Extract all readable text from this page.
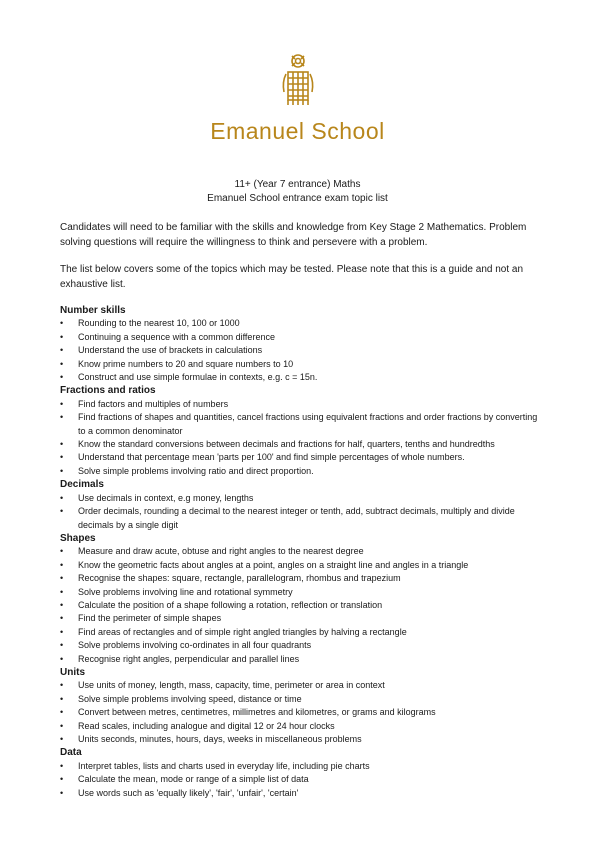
Emanuel School
11+ (Year 7 entrance) Maths
Emanuel School entrance exam topic list

Candidates will need to be familiar with the skills and knowledge from Key Stage 2 Mathematics. Problem solving questions will require the willingness to think and persevere with a problem.

The list below covers some of the topics which may be tested. Please note that this is a guide and not an exhaustive list.

Number skills
• Rounding to the nearest 10, 100 or 1000
• Continuing a sequence with a common difference
• Understand the use of brackets in calculations
• Know prime numbers to 20 and square numbers to 10
• Construct and use simple formulae in contexts, e.g. c = 15n.
Fractions and ratios
• Find factors and multiples of numbers
• Find fractions of shapes and quantities, cancel fractions using equivalent fractions and order fractions by converting to a common denominator
• Know the standard conversions between decimals and fractions for half, quarters, tenths and hundredths
• Understand that percentage mean 'parts per 100' and find simple percentages of whole numbers.
• Solve simple problems involving ratio and direct proportion.
Decimals
• Use decimals in context, e.g money, lengths
• Order decimals, rounding a decimal to the nearest integer or tenth, add, subtract decimals, multiply and divide decimals by a single digit
Shapes
• Measure and draw acute, obtuse and right angles to the nearest degree
• Know the geometric facts about angles at a point, angles on a straight line and angles in a triangle
• Recognise the shapes: square, rectangle, parallelogram, rhombus and trapezium
• Solve problems involving line and rotational symmetry
• Calculate the position of a shape following a rotation, reflection or translation
• Find the perimeter of simple shapes
• Find areas of rectangles and of simple right angled triangles by halving a rectangle
• Solve problems involving co-ordinates in all four quadrants
• Recognise right angles, perpendicular and parallel lines
Units
• Use units of money, length, mass, capacity, time, perimeter or area in context
• Solve simple problems involving speed, distance or time
• Convert between metres, centimetres, millimetres and kilometres, or grams and kilograms
• Read scales, including analogue and digital 12 or 24 hour clocks
• Units seconds, minutes, hours, days, weeks in miscellaneous problems
Data
• Interpret tables, lists and charts used in everyday life, including pie charts
• Calculate the mean, mode or range of a simple list of data
• Use words such as 'equally likely', 'fair', 'unfair', 'certain'
